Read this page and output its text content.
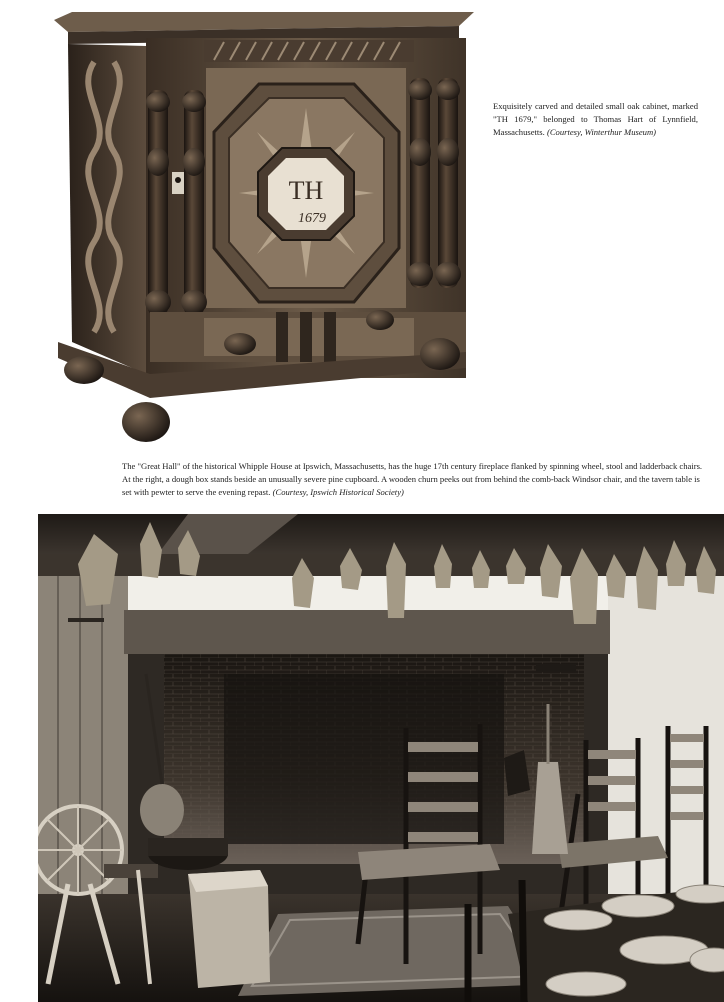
TH
1679
Exquisitely carved and detailed small oak cabinet, marked "TH 1679," belonged to Thomas Hart of Lynnfield, Massachusetts. (Courtesy, Winterthur Museum)
The "Great Hall" of the historical Whipple House at Ipswich, Massachusetts, has the huge 17th century fireplace flanked by spinning wheel, stool and ladderback chairs. At the right, a dough box stands beside an unusually severe pine cupboard. A wooden churn peeks out from behind the comb-back Windsor chair, and the tavern table is set with pewter to serve the evening repast. (Courtesy, Ipswich Historical Society)
